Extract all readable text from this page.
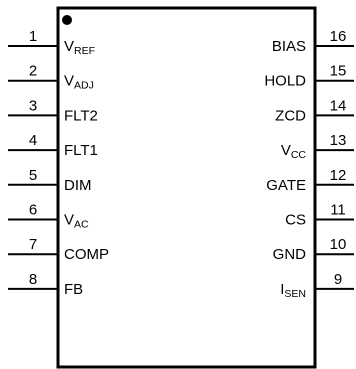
1
$V_{REF}$
2
$V_{ADJ}$
3
FLT2
4
FLT1
5
DIM
6
$V_{AC}$
7
COMP
8
FB
16
BIAS
15
HOLD
14
ZCD
13
$V_{CC}$
12
GATE
11
CS
10
GND
9
$I_{SEN}$
